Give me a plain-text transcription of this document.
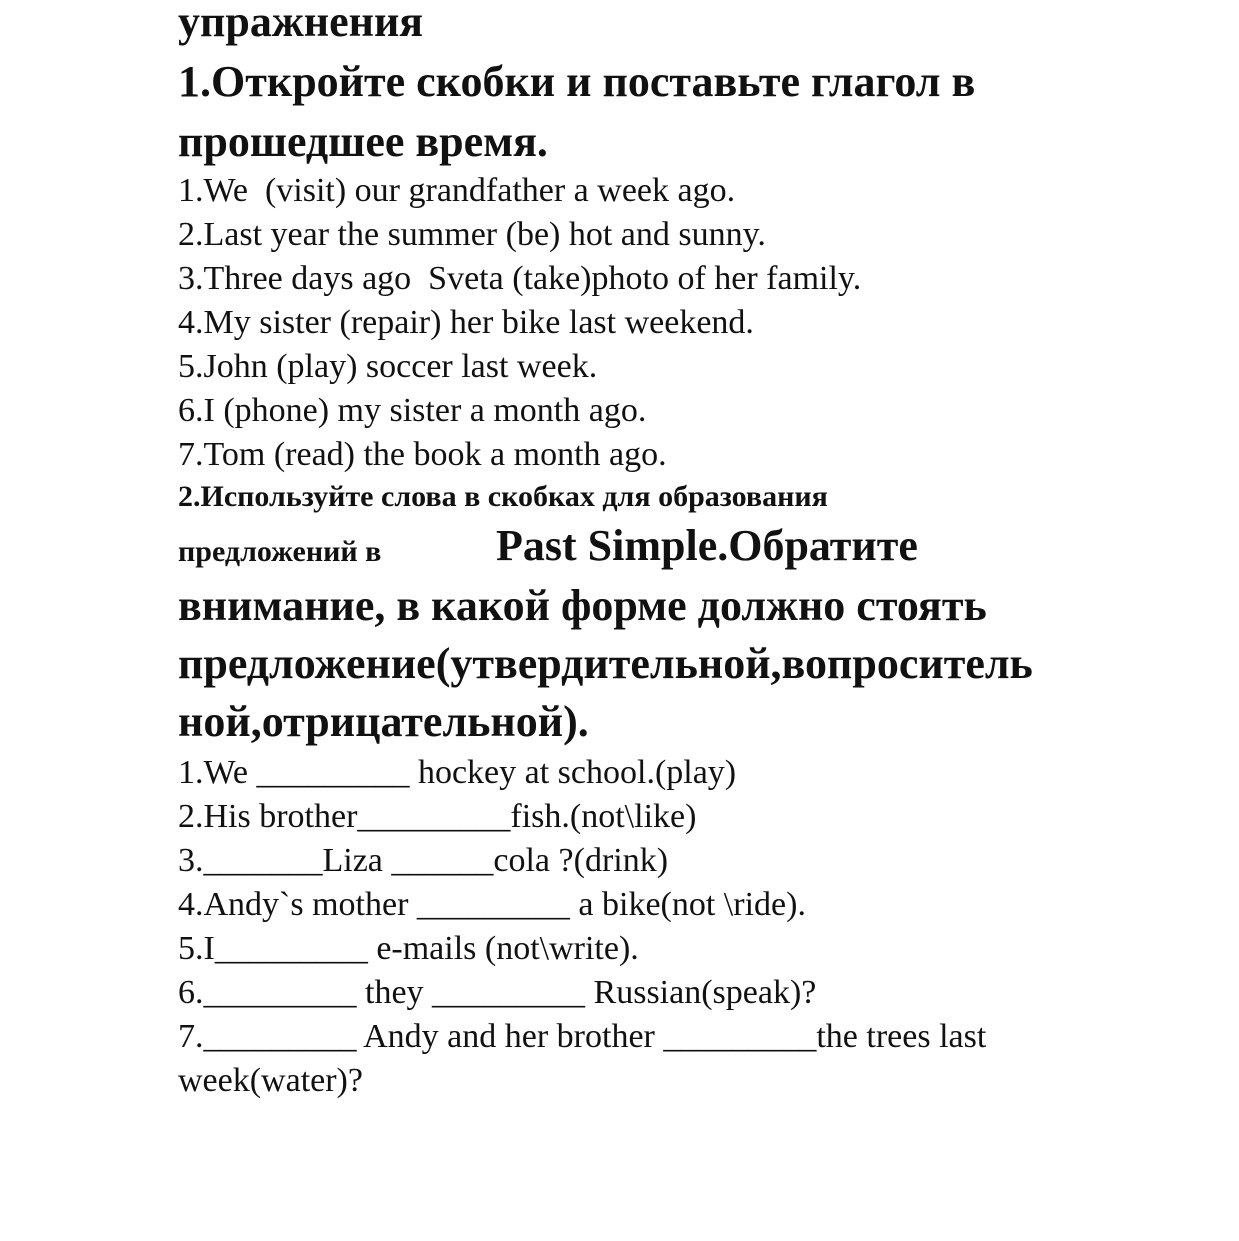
упражнения
1.Откройте скобки и поставьте глагол в
прошедшее время.
1.We  (visit) our grandfather a week ago.
2.Last year the summer (be) hot and sunny.
3.Three days ago  Sveta (take)photo of her family.
4.My sister (repair) her bike last weekend.
5.John (play) soccer last week.
6.I (phone) my sister a month ago.
7.Tom (read) the book a month ago.
2.Используйте слова в скобках для образования
предложений в	Past Simple.Обратите
внимание, в какой форме должно стоять
предложение(утвердительной,вопроситель
ной,отрицательной).
1.We _________ hockey at school.(play)
2.His brother_________fish.(not\like)
3._______Liza ______cola ?(drink)
4.Andy`s mother _________ a bike(not \ride).
5.I_________ e-mails (not\write).
6._________ they _________ Russian(speak)?
7._________ Andy and her brother _________the trees last
week(water)?
